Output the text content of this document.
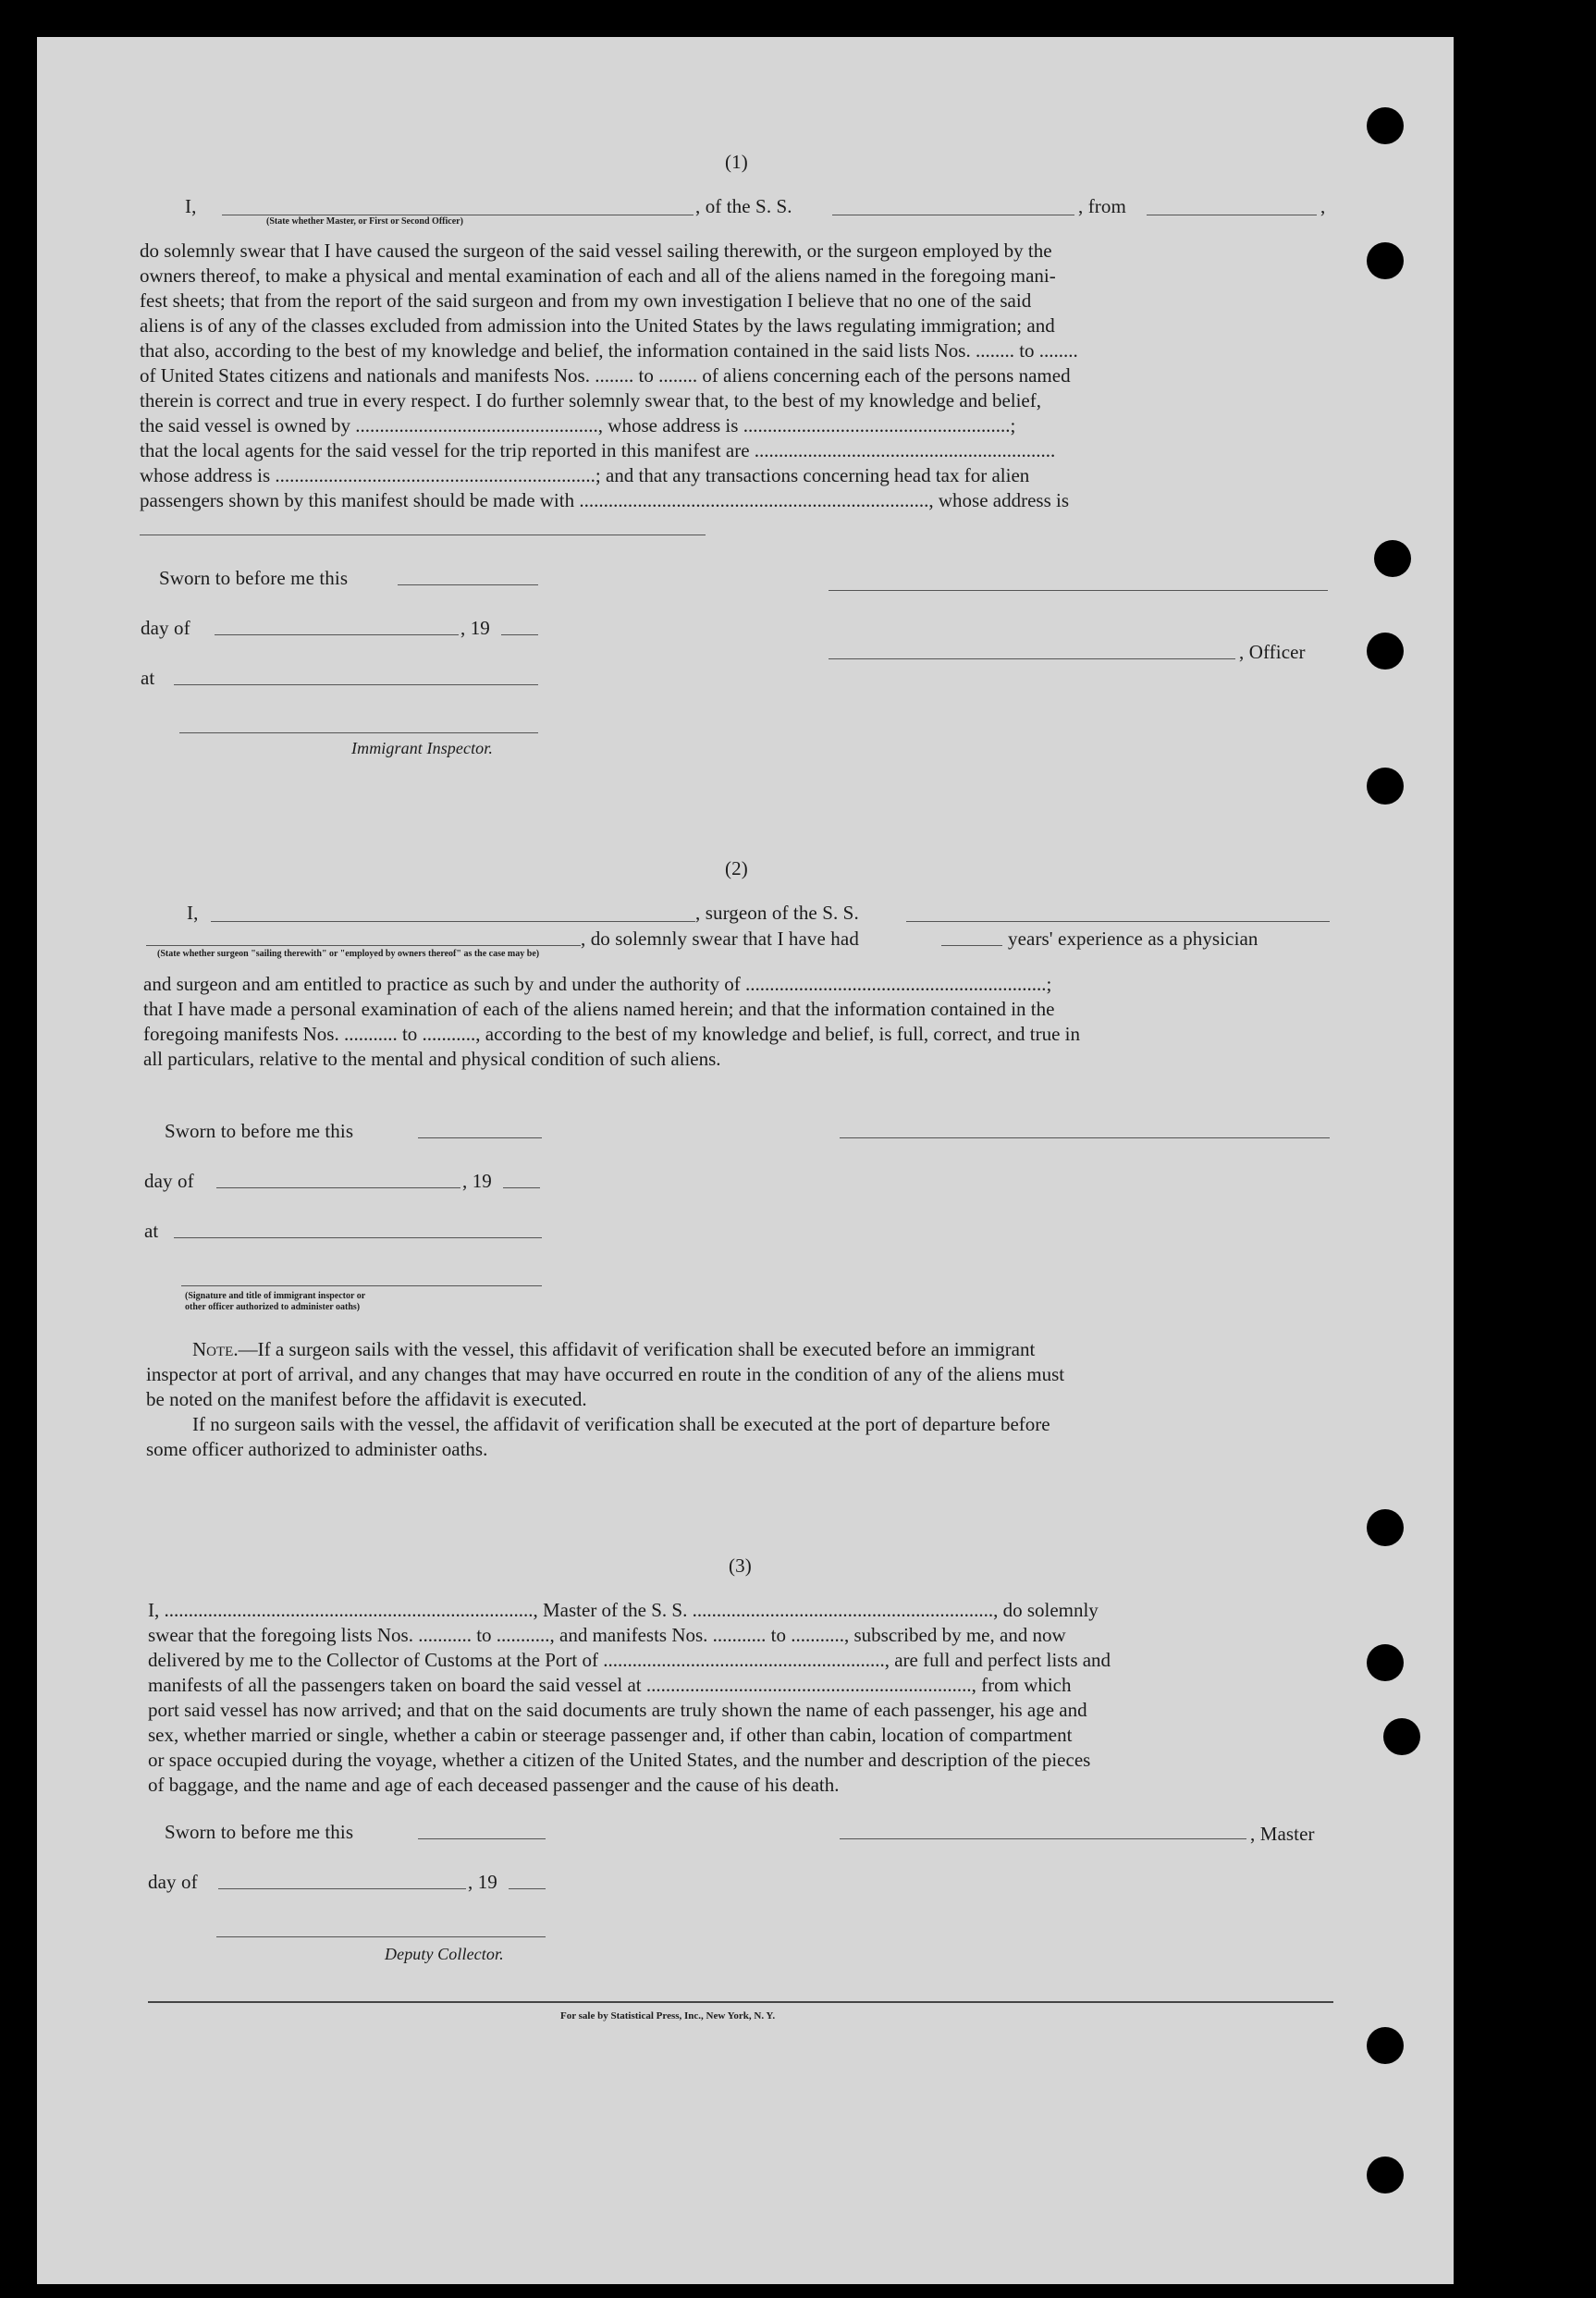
(1)
I,	, of the S. S.	, from	,
(State whether Master, or First or Second Officer)
do solemnly swear that I have caused the surgeon of the said vessel sailing therewith, or the surgeon employed by the
owners thereof, to make a physical and mental examination of each and all of the aliens named in the foregoing mani-
fest sheets; that from the report of the said surgeon and from my own investigation I believe that no one of the said
aliens is of any of the classes excluded from admission into the United States by the laws regulating immigration; and
that also, according to the best of my knowledge and belief, the information contained in the said lists Nos. ........ to ........
of United States citizens and nationals and manifests Nos. ........ to ........ of aliens concerning each of the persons named
therein is correct and true in every respect. I do further solemnly swear that, to the best of my knowledge and belief,
the said vessel is owned by .................................................., whose address is .......................................................;
that the local agents for the said vessel for the trip reported in this manifest are ..............................................................
whose address is ..................................................................; and that any transactions concerning head tax for alien
passengers shown by this manifest should be made with ........................................................................, whose address is
Sworn to before me this
day of	, 19
, Officer
at
Immigrant Inspector.
(2)
I,	, surgeon of the S. S.
, do solemnly swear that I have had	years' experience as a physician
(State whether surgeon "sailing therewith" or "employed by owners thereof" as the case may be)
and surgeon and am entitled to practice as such by and under the authority of ..............................................................;
that I have made a personal examination of each of the aliens named herein; and that the information contained in the
foregoing manifests Nos. ........... to ..........., according to the best of my knowledge and belief, is full, correct, and true in
all particulars, relative to the mental and physical condition of such aliens.
Sworn to before me this
day of	, 19
at
(Signature and title of immigrant inspector or
other officer authorized to administer oaths)
Note.—If a surgeon sails with the vessel, this affidavit of verification shall be executed before an immigrant
inspector at port of arrival, and any changes that may have occurred en route in the condition of any of the aliens must
be noted on the manifest before the affidavit is executed.
If no surgeon sails with the vessel, the affidavit of verification shall be executed at the port of departure before
some officer authorized to administer oaths.
(3)
I, ............................................................................, Master of the S. S. .............................................................., do solemnly
swear that the foregoing lists Nos. ........... to ..........., and manifests Nos. ........... to ..........., subscribed by me, and now
delivered by me to the Collector of Customs at the Port of .........................................................., are full and perfect lists and
manifests of all the passengers taken on board the said vessel at ..................................................................., from which
port said vessel has now arrived; and that on the said documents are truly shown the name of each passenger, his age and
sex, whether married or single, whether a cabin or steerage passenger and, if other than cabin, location of compartment
or space occupied during the voyage, whether a citizen of the United States, and the number and description of the pieces
of baggage, and the name and age of each deceased passenger and the cause of his death.
Sworn to before me this	, Master
day of	, 19
Deputy Collector.
For sale by Statistical Press, Inc., New York, N. Y.
